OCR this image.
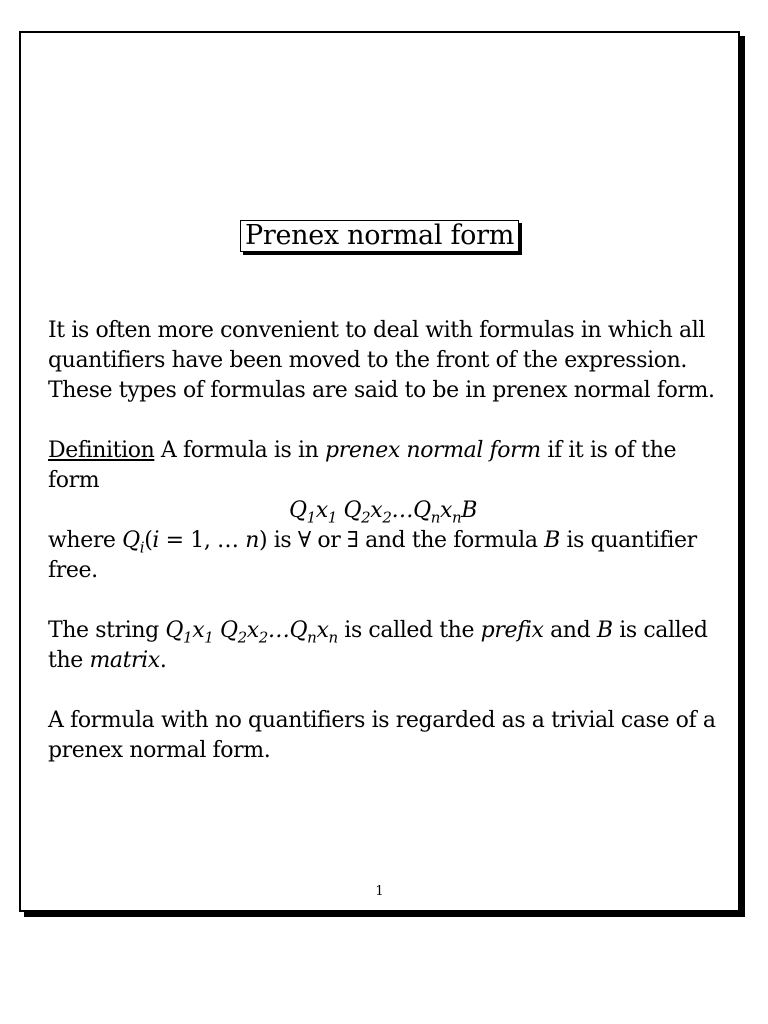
Prenex normal form

It is often more convenient to deal with formulas in which all quantifiers have been moved to the front of the expression. These types of formulas are said to be in prenex normal form.

Definition A formula is in prenex normal form if it is of the form

$Q_1x_1$ $Q_2x_2\dots Q_nx_nB$

where $Q_i(i = 1$, … n) is ∀ or ∃ and the formula B is quantifier free.

The string $Q_1x_1$ $Q_2x_2\dots Q_nx_n$ is called the prefix and B is called the matrix.

A formula with no quantifiers is regarded as a trivial case of a prenex normal form.

1
